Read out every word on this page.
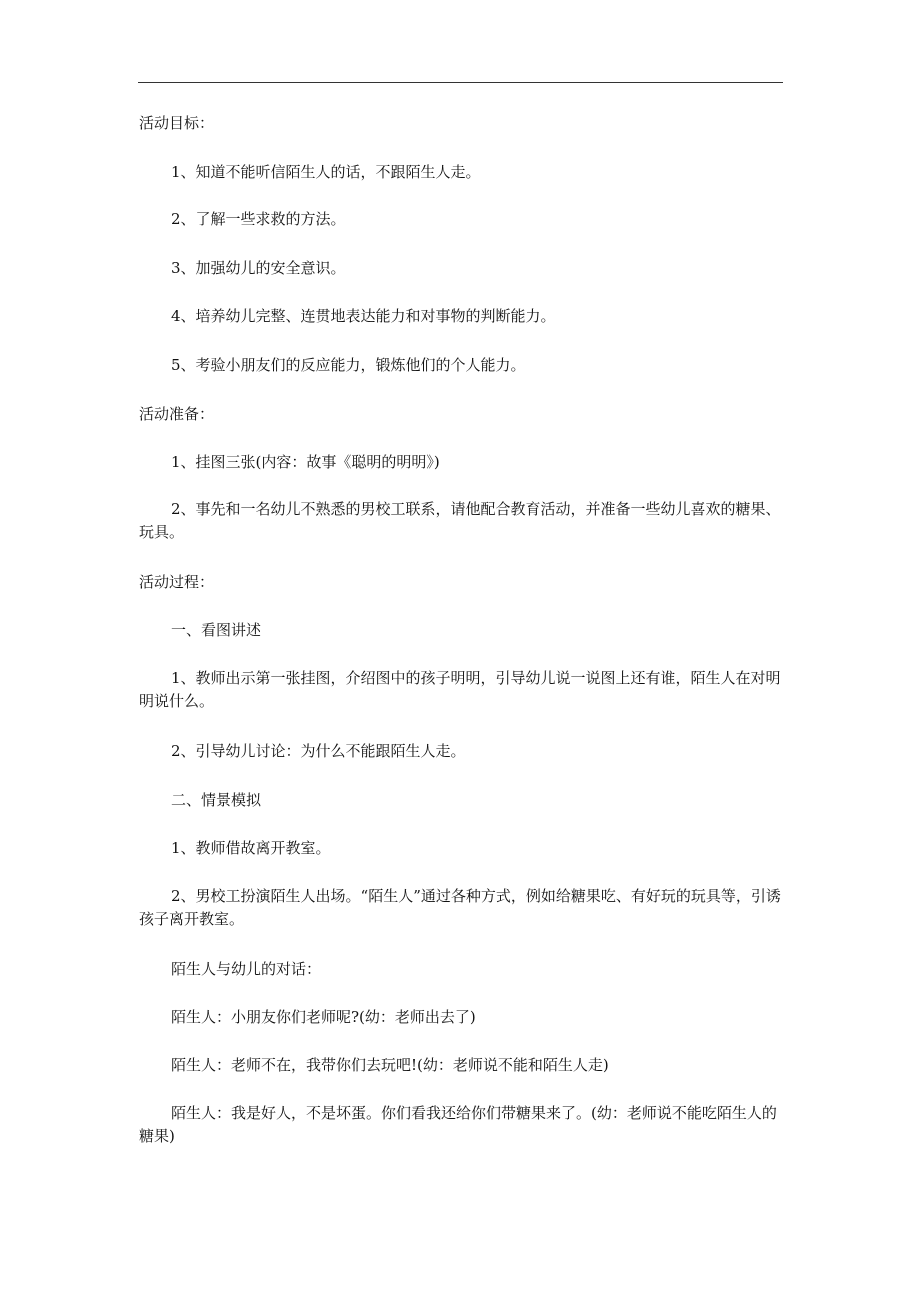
活动目标：

1、知道不能听信陌生人的话，不跟陌生人走。

2、了解一些求救的方法。

3、加强幼儿的安全意识。

4、培养幼儿完整、连贯地表达能力和对事物的判断能力。

5、考验小朋友们的反应能力，锻炼他们的个人能力。

活动准备：

1、挂图三张(内容：故事《聪明的明明》)

2、事先和一名幼儿不熟悉的男校工联系，请他配合教育活动，并准备一些幼儿喜欢的糖果、玩具。

活动过程：

一、看图讲述

1、教师出示第一张挂图，介绍图中的孩子明明，引导幼儿说一说图上还有谁，陌生人在对明明说什么。

2、引导幼儿讨论：为什么不能跟陌生人走。

二、情景模拟

1、教师借故离开教室。

2、男校工扮演陌生人出场。“陌生人”通过各种方式，例如给糖果吃、有好玩的玩具等，引诱孩子离开教室。

陌生人与幼儿的对话：

陌生人：小朋友你们老师呢?(幼：老师出去了)

陌生人：老师不在，我带你们去玩吧!(幼：老师说不能和陌生人走)

陌生人：我是好人，不是坏蛋。你们看我还给你们带糖果来了。(幼：老师说不能吃陌生人的糖果)
